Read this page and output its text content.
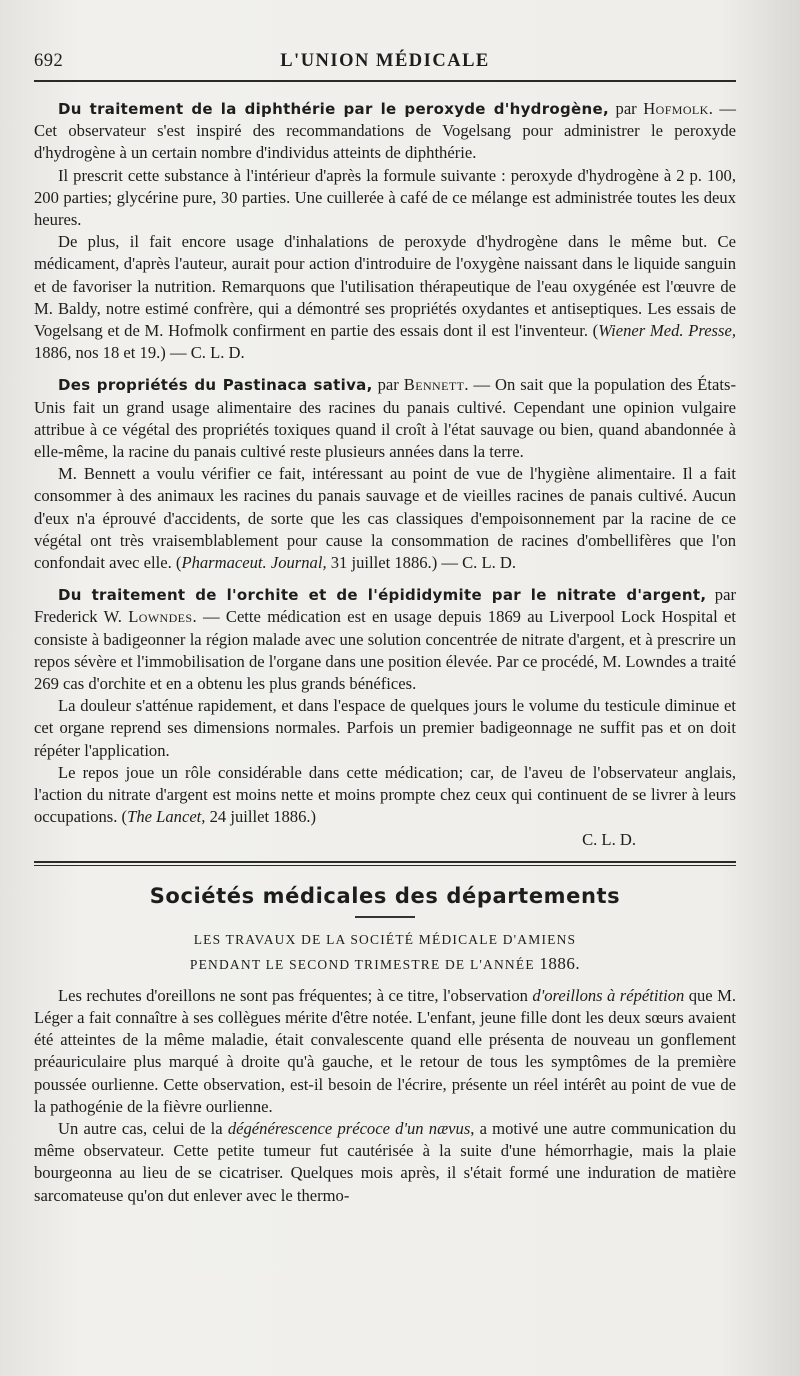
692	L'UNION MÉDICALE

Du traitement de la diphthérie par le peroxyde d'hydrogène, par Hofmolk. — Cet observateur s'est inspiré des recommandations de Vogelsang pour administrer le peroxyde d'hydrogène à un certain nombre d'individus atteints de diphthérie.

Il prescrit cette substance à l'intérieur d'après la formule suivante : peroxyde d'hydrogène à 2 p. 100, 200 parties; glycérine pure, 30 parties. Une cuillerée à café de ce mélange est administrée toutes les deux heures.

De plus, il fait encore usage d'inhalations de peroxyde d'hydrogène dans le même but. Ce médicament, d'après l'auteur, aurait pour action d'introduire de l'oxygène naissant dans le liquide sanguin et de favoriser la nutrition. Remarquons que l'utilisation thérapeutique de l'eau oxygénée est l'œuvre de M. Baldy, notre estimé confrère, qui a démontré ses propriétés oxydantes et antiseptiques. Les essais de Vogelsang et de M. Hofmolk confirment en partie des essais dont il est l'inventeur. (Wiener Med. Presse, 1886, nos 18 et 19.) — C. L. D.

Des propriétés du Pastinaca sativa, par Bennett. — On sait que la population des États-Unis fait un grand usage alimentaire des racines du panais cultivé. Cependant une opinion vulgaire attribue à ce végétal des propriétés toxiques quand il croît à l'état sauvage ou bien, quand abandonnée à elle-même, la racine du panais cultivé reste plusieurs années dans la terre.

M. Bennett a voulu vérifier ce fait, intéressant au point de vue de l'hygiène alimentaire. Il a fait consommer à des animaux les racines du panais sauvage et de vieilles racines de panais cultivé. Aucun d'eux n'a éprouvé d'accidents, de sorte que les cas classiques d'empoisonnement par la racine de ce végétal ont très vraisemblablement pour cause la consommation de racines d'ombellifères que l'on confondait avec elle. (Pharmaceut. Journal, 31 juillet 1886.) — C. L. D.

Du traitement de l'orchite et de l'épididymite par le nitrate d'argent, par Frederick W. Lowndes. — Cette médication est en usage depuis 1869 au Liverpool Lock Hospital et consiste à badigeonner la région malade avec une solution concentrée de nitrate d'argent, et à prescrire un repos sévère et l'immobilisation de l'organe dans une position élevée. Par ce procédé, M. Lowndes a traité 269 cas d'orchite et en a obtenu les plus grands bénéfices.

La douleur s'atténue rapidement, et dans l'espace de quelques jours le volume du testicule diminue et cet organe reprend ses dimensions normales. Parfois un premier badigeonnage ne suffit pas et on doit répéter l'application.

Le repos joue un rôle considérable dans cette médication; car, de l'aveu de l'observateur anglais, l'action du nitrate d'argent est moins nette et moins prompte chez ceux qui continuent de se livrer à leurs occupations. (The Lancet, 24 juillet 1886.)

C. L. D.

Sociétés médicales des départements
LES TRAVAUX DE LA SOCIÉTÉ MÉDICALE D'AMIENS
PENDANT LE SECOND TRIMESTRE DE L'ANNÉE 1886.

Les rechutes d'oreillons ne sont pas fréquentes; à ce titre, l'observation d'oreillons à répétition que M. Léger a fait connaître à ses collègues mérite d'être notée. L'enfant, jeune fille dont les deux sœurs avaient été atteintes de la même maladie, était convalescente quand elle présenta de nouveau un gonflement préauriculaire plus marqué à droite qu'à gauche, et le retour de tous les symptômes de la première poussée ourlienne. Cette observation, est-il besoin de l'écrire, présente un réel intérêt au point de vue de la pathogénie de la fièvre ourlienne.

Un autre cas, celui de la dégénérescence précoce d'un nævus, a motivé une autre communication du même observateur. Cette petite tumeur fut cautérisée à la suite d'une hémorrhagie, mais la plaie bourgeonna au lieu de se cicatriser. Quelques mois après, il s'était formé une induration de matière sarcomateuse qu'on dut enlever avec le thermo-
